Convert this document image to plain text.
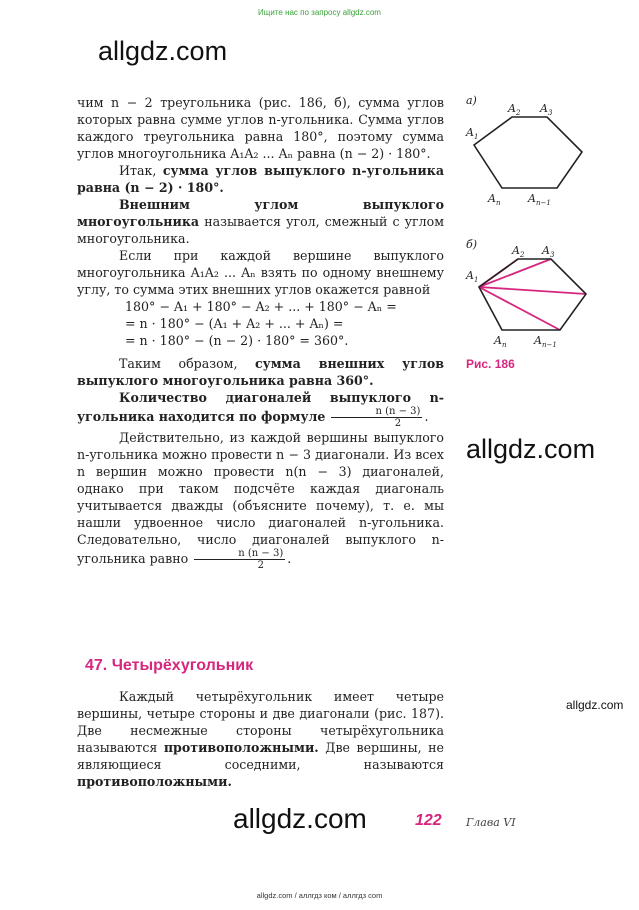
Ищите нас по запросу allgdz.com
allgdz.com
allgdz.com
allgdz.com
allgdz.com

чим n − 2 треугольника (рис. 186, б), сумма углов которых равна сумме углов n-угольника. Сумма углов каждого треугольника равна 180°, поэтому сумма углов многоугольника A₁A₂ ... Aₙ равна (n − 2) · 180°.

Итак, сумма углов выпуклого n-угольника равна (n − 2) · 180°.

Внешним углом выпуклого многоугольника называется угол, смежный с углом многоугольника.

Если при каждой вершине выпуклого многоугольника A₁A₂ ... Aₙ взять по одному внешнему углу, то сумма этих внешних углов окажется равной

180° − A₁ + 180° − A₂ + ... + 180° − Aₙ =
= n · 180° − (A₁ + A₂ + ... + Aₙ) =
= n · 180° − (n − 2) · 180° = 360°.

Таким образом, сумма внешних углов выпуклого многоугольника равна 360°.

Количество диагоналей выпуклого n-угольника находится по формуле $\frac{n (n - 3)}{2}$ .

Действительно, из каждой вершины выпуклого n-угольника можно провести n − 3 диагонали. Из всех n вершин можно провести n(n − 3) диагоналей, однако при таком подсчёте каждая диагональ учитывается дважды (объясните почему), т. е. мы нашли удвоенное число диагоналей n-угольника. Следовательно, число диагоналей выпуклого n-угольника равно $\frac{n (n - 3)}{2}$ .

47. Четырёхугольник

Каждый четырёхугольник имеет четыре вершины, четыре стороны и две диагонали (рис. 187). Две несмежные стороны четырёхугольника называются противоположными. Две вершины, не являющиеся соседними, называются противоположными.

а)
$A_1$
$A_2$ $A_3$
$A_n$	$A_{n-1}$
б)
$A_1$
$A_2$ $A_3$
$A_n$	$A_{n-1}$
Рис. 186
122 Глава VI
allgdz.com / аллгдз ком / аллгдз com
